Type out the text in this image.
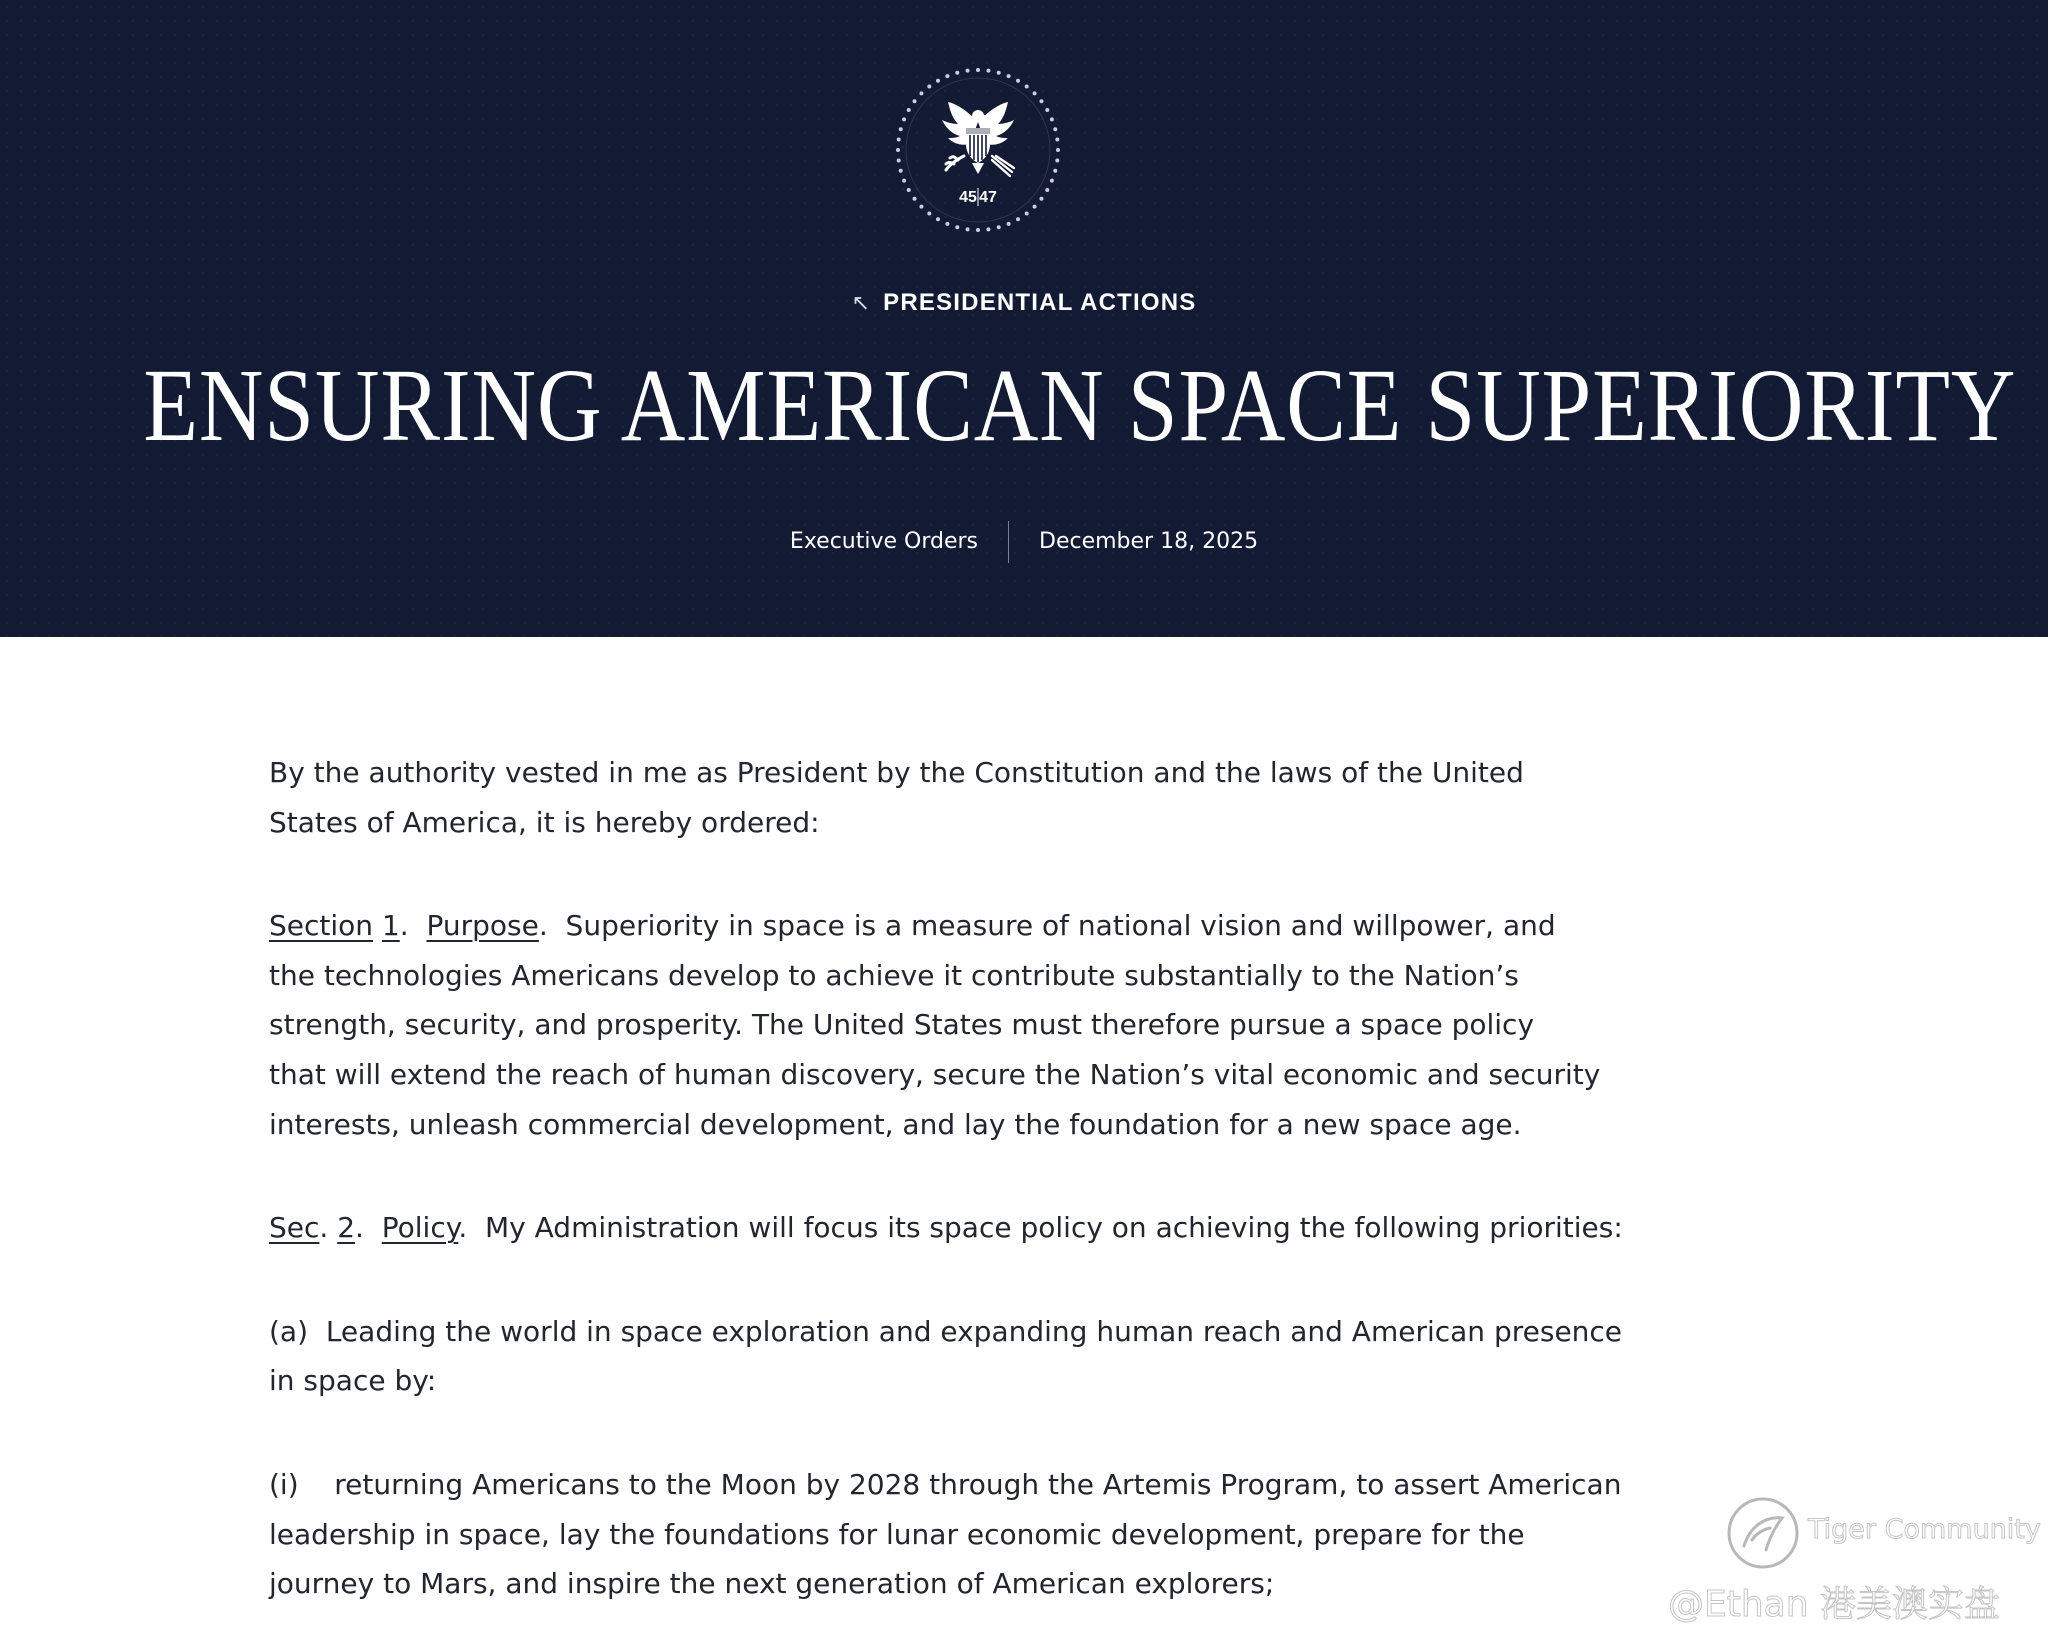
45 47
↖ PRESIDENTIAL ACTIONS
ENSURING AMERICAN SPACE SUPERIORITY
Executive Orders	December 18, 2025

By the authority vested in me as President by the Constitution and the laws of the United
States of America, it is hereby ordered:

Section 1.  Purpose.  Superiority in space is a measure of national vision and willpower, and
the technologies Americans develop to achieve it contribute substantially to the Nation’s
strength, security, and prosperity. The United States must therefore pursue a space policy
that will extend the reach of human discovery, secure the Nation’s vital economic and security
interests, unleash commercial development, and lay the foundation for a new space age.

Sec. 2.  Policy.  My Administration will focus its space policy on achieving the following priorities:

(a) Leading the world in space exploration and expanding human reach and American presence
in space by:

(i) returning Americans to the Moon by 2028 through the Artemis Program, to assert American
leadership in space, lay the foundations for lunar economic development, prepare for the
journey to Mars, and inspire the next generation of American explorers;

Tiger Community
@Ethan 港美澳实盘
